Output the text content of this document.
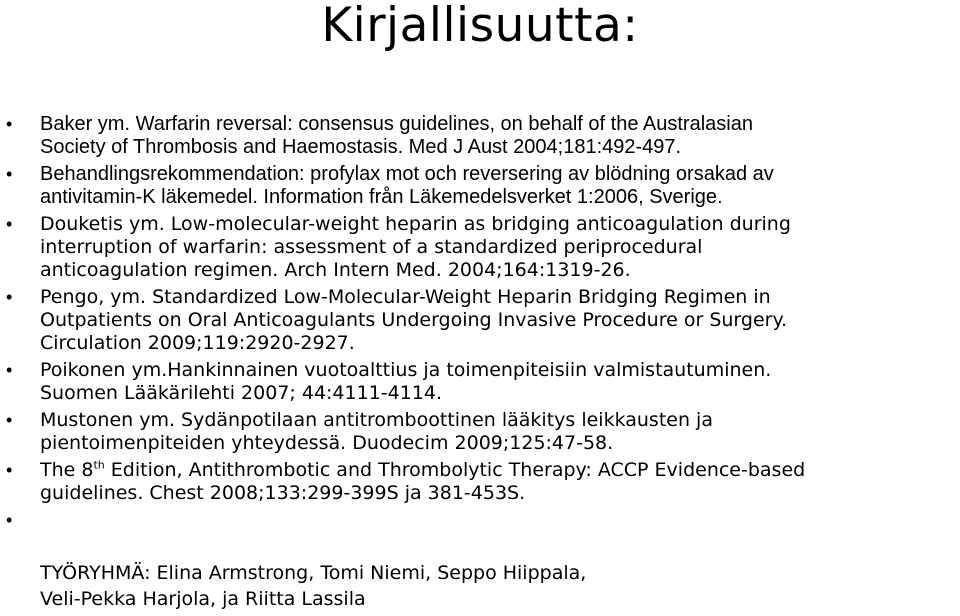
Kirjallisuutta:
• Baker ym. Warfarin reversal: consensus guidelines, on behalf of the Australasian
Society of Thrombosis and Haemostasis. Med J Aust 2004;181:492-497.
• Behandlingsrekommendation: profylax mot och reversering av blödning orsakad av
antivitamin-K läkemedel. Information från Läkemedelsverket 1:2006, Sverige.
• Douketis ym. Low-molecular-weight heparin as bridging anticoagulation during
interruption of warfarin: assessment of a standardized periprocedural
anticoagulation regimen. Arch Intern Med. 2004;164:1319-26.
• Pengo, ym. Standardized Low-Molecular-Weight Heparin Bridging Regimen in
Outpatients on Oral Anticoagulants Undergoing Invasive Procedure or Surgery.
Circulation 2009;119:2920-2927.
• Poikonen ym.Hankinnainen vuotoalttius ja toimenpiteisiin valmistautuminen.
Suomen Lääkärilehti 2007; 44:4111-4114.
• Mustonen ym. Sydänpotilaan antitromboottinen lääkitys leikkausten ja
pientoimenpiteiden yhteydessä. Duodecim 2009;125:47-58.
• The 8th Edition, Antithrombotic and Thrombolytic Therapy: ACCP Evidence-based
guidelines. Chest 2008;133:299-399S ja 381-453S.
•
TYÖRYHMÄ: Elina Armstrong, Tomi Niemi, Seppo Hiippala,
Veli-Pekka Harjola, ja Riitta Lassila
